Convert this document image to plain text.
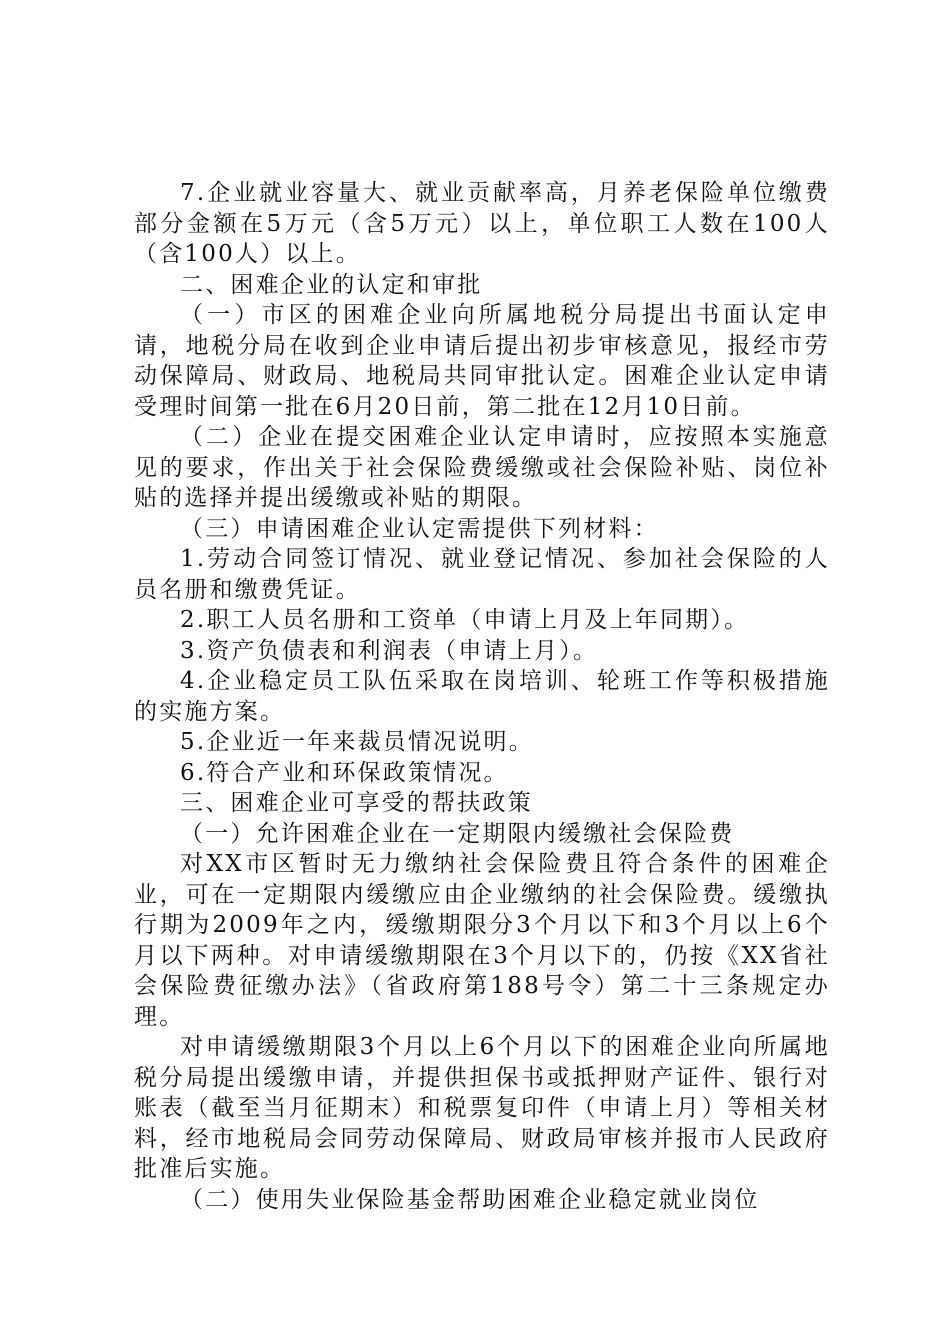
7.企业就业容量大、就业贡献率高，月养老保险单位缴费部分金额在5万元（含5万元）以上，单位职工人数在100人（含100人）以上。

二、困难企业的认定和审批

（一）市区的困难企业向所属地税分局提出书面认定申请，地税分局在收到企业申请后提出初步审核意见，报经市劳动保障局、财政局、地税局共同审批认定。困难企业认定申请受理时间第一批在6月20日前，第二批在12月10日前。

（二）企业在提交困难企业认定申请时，应按照本实施意见的要求，作出关于社会保险费缓缴或社会保险补贴、岗位补贴的选择并提出缓缴或补贴的期限。

（三）申请困难企业认定需提供下列材料：

1.劳动合同签订情况、就业登记情况、参加社会保险的人员名册和缴费凭证。

2.职工人员名册和工资单（申请上月及上年同期）。

3.资产负债表和利润表（申请上月）。

4.企业稳定员工队伍采取在岗培训、轮班工作等积极措施的实施方案。

5.企业近一年来裁员情况说明。

6.符合产业和环保政策情况。

三、困难企业可享受的帮扶政策

（一）允许困难企业在一定期限内缓缴社会保险费

对XX市区暂时无力缴纳社会保险费且符合条件的困难企业，可在一定期限内缓缴应由企业缴纳的社会保险费。缓缴执行期为2009年之内，缓缴期限分3个月以下和3个月以上6个月以下两种。对申请缓缴期限在3个月以下的，仍按《XX省社会保险费征缴办法》（省政府第188号令）第二十三条规定办理。

对申请缓缴期限3个月以上6个月以下的困难企业向所属地税分局提出缓缴申请，并提供担保书或抵押财产证件、银行对账表（截至当月征期末）和税票复印件（申请上月）等相关材料，经市地税局会同劳动保障局、财政局审核并报市人民政府批准后实施。

（二）使用失业保险基金帮助困难企业稳定就业岗位
